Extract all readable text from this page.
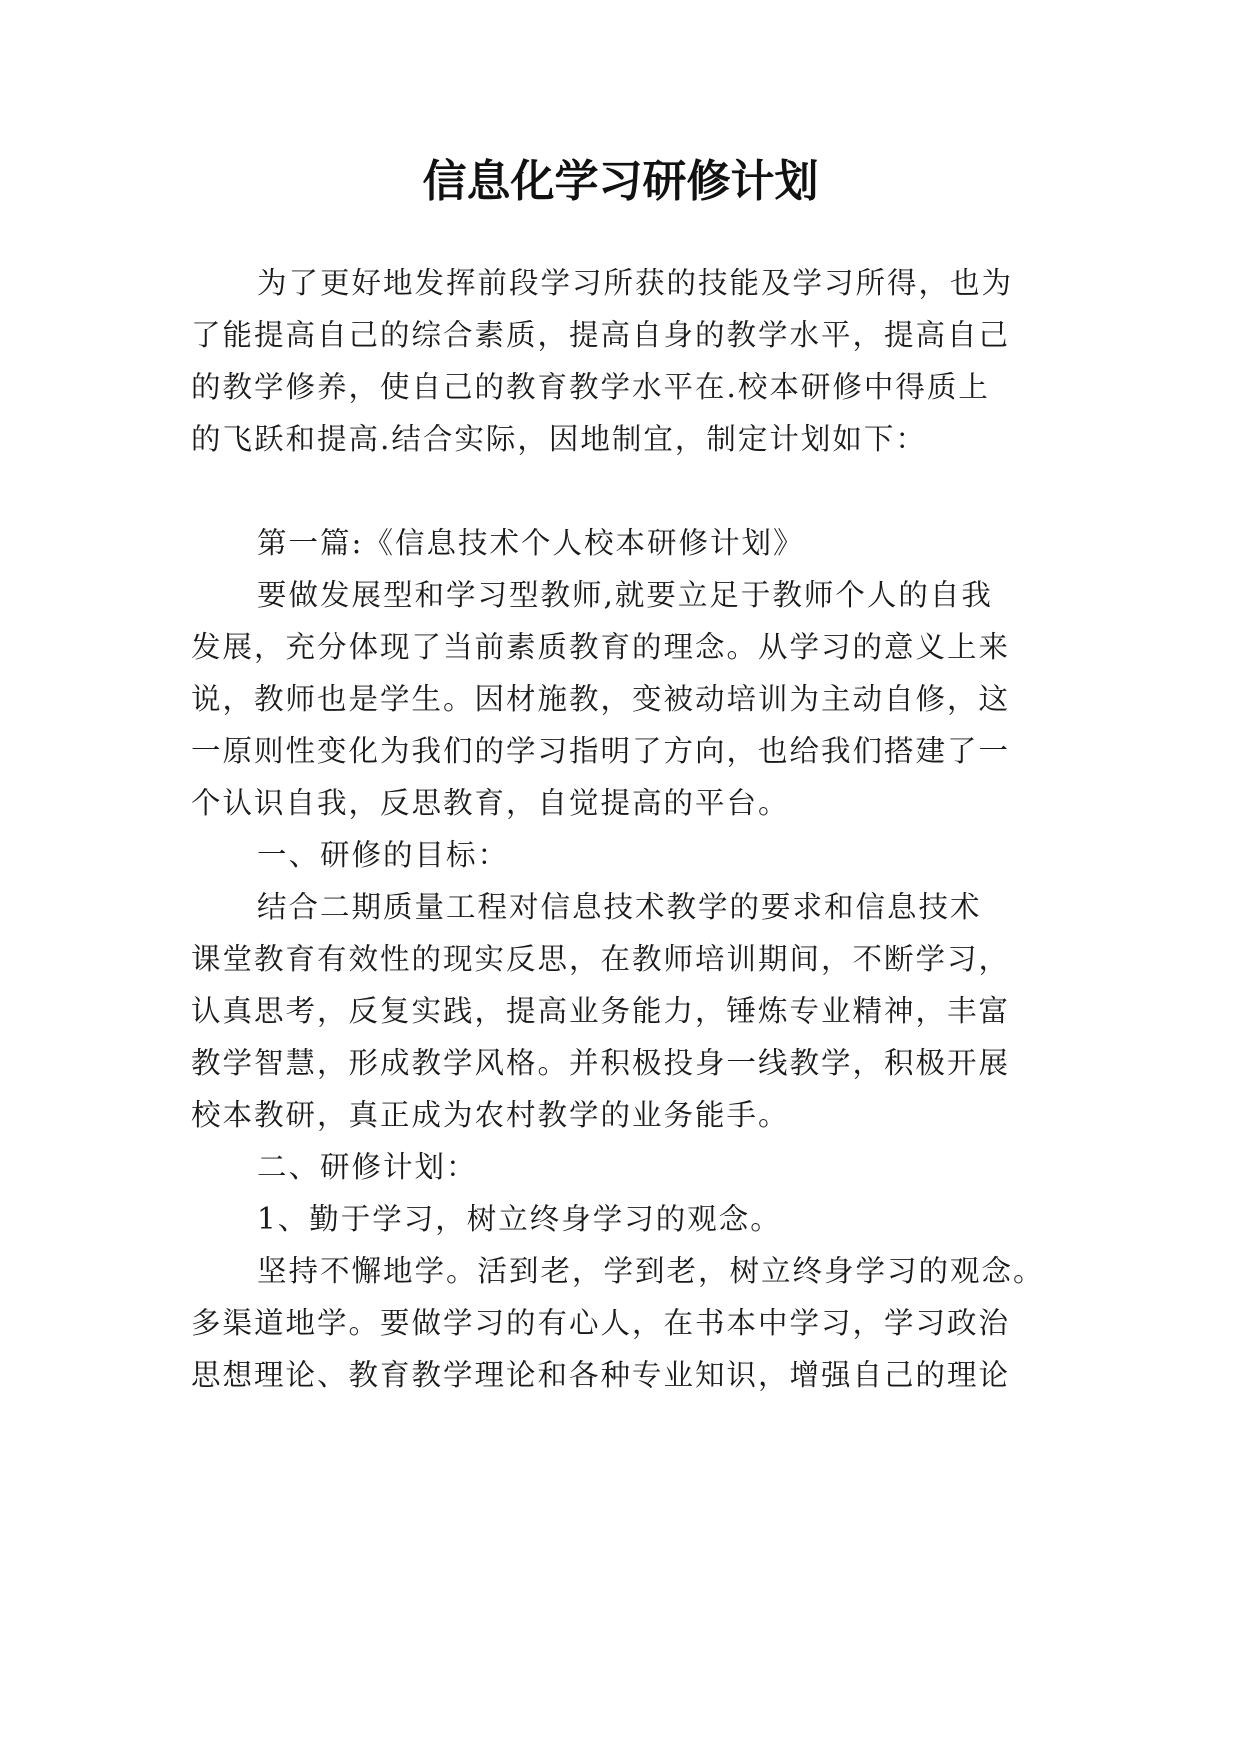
信息化学习研修计划
为了更好地发挥前段学习所获的技能及学习所得，也为
了能提高自己的综合素质，提高自身的教学水平，提高自己
的教学修养，使自己的教育教学水平在.校本研修中得质上
的飞跃和提高.结合实际，因地制宜，制定计划如下：
第一篇:《信息技术个人校本研修计划》
要做发展型和学习型教师,就要立足于教师个人的自我
发展，充分体现了当前素质教育的理念。从学习的意义上来
说，教师也是学生。因材施教，变被动培训为主动自修，这
一原则性变化为我们的学习指明了方向，也给我们搭建了一
个认识自我，反思教育，自觉提高的平台。
一、研修的目标：
结合二期质量工程对信息技术教学的要求和信息技术
课堂教育有效性的现实反思，在教师培训期间，不断学习，
认真思考，反复实践，提高业务能力，锤炼专业精神，丰富
教学智慧，形成教学风格。并积极投身一线教学，积极开展
校本教研，真正成为农村教学的业务能手。
二、研修计划：
1、勤于学习，树立终身学习的观念。
坚持不懈地学。活到老，学到老，树立终身学习的观念。
多渠道地学。要做学习的有心人，在书本中学习，学习政治
思想理论、教育教学理论和各种专业知识，增强自己的理论
